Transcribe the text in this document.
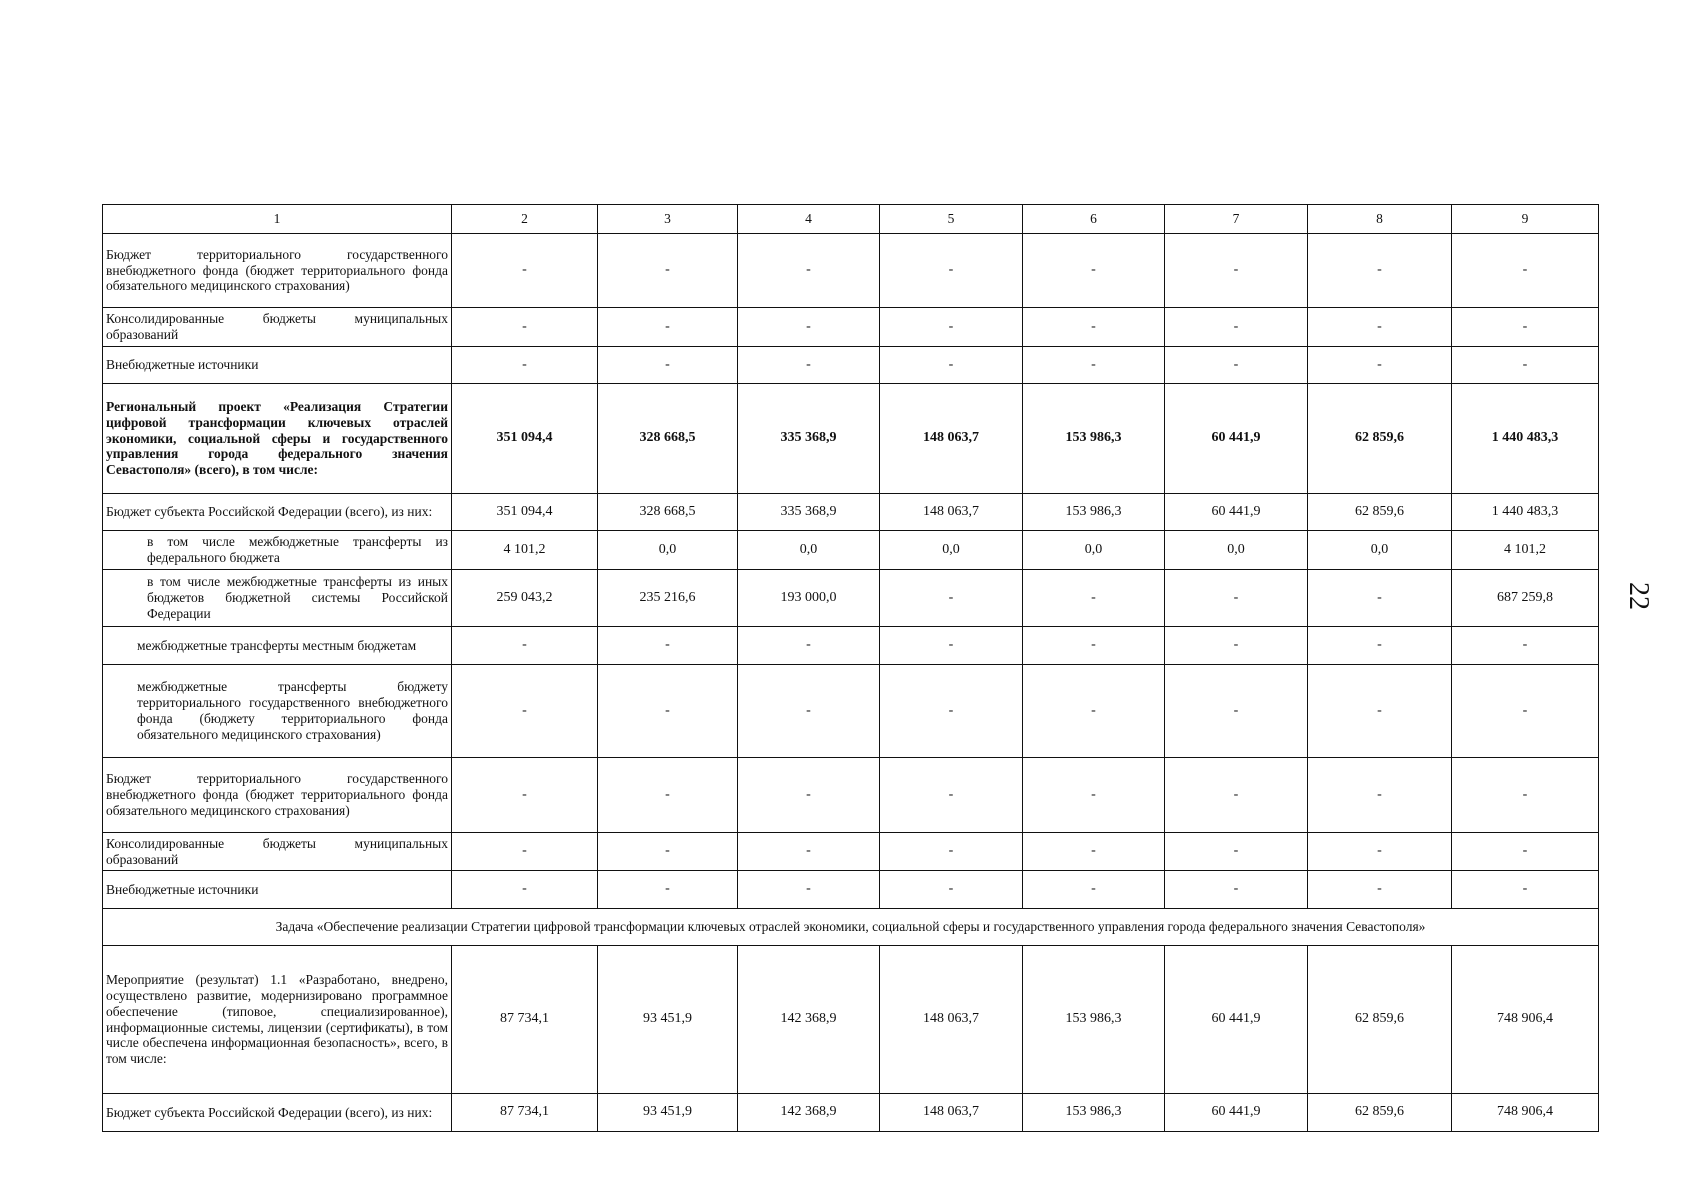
22
1	2	3	4	5	6	7	8	9
Бюджет территориального государственного внебюджетного фонда (бюджет территориального фонда обязательного медицинского страхования)	-	-	-	-	-	-	-	-
Консолидированные бюджеты муниципальных образований	-	-	-	-	-	-	-	-
Внебюджетные источники	-	-	-	-	-	-	-	-
Региональный проект «Реализация Стратегии цифровой трансформации ключевых отраслей экономики, социальной сферы и государственного управления города федерального значения Севастополя» (всего), в том числе:	351 094,4	328 668,5	335 368,9	148 063,7	153 986,3	60 441,9	62 859,6	1 440 483,3
Бюджет субъекта Российской Федерации (всего), из них:	351 094,4	328 668,5	335 368,9	148 063,7	153 986,3	60 441,9	62 859,6	1 440 483,3
в том числе межбюджетные трансферты из федерального бюджета	4 101,2	0,0	0,0	0,0	0,0	0,0	0,0	4 101,2
в том числе межбюджетные трансферты из иных бюджетов бюджетной системы Российской Федерации	259 043,2	235 216,6	193 000,0	-	-	-	-	687 259,8
межбюджетные трансферты местным бюджетам	-	-	-	-	-	-	-	-
межбюджетные трансферты бюджету территориального государственного внебюджетного фонда (бюджету территориального фонда обязательного медицинского страхования)	-	-	-	-	-	-	-	-
Бюджет территориального государственного внебюджетного фонда (бюджет территориального фонда обязательного медицинского страхования)	-	-	-	-	-	-	-	-
Консолидированные бюджеты муниципальных образований	-	-	-	-	-	-	-	-
Внебюджетные источники	-	-	-	-	-	-	-	-
Задача «Обеспечение реализации Стратегии цифровой трансформации ключевых отраслей экономики, социальной сферы и государственного управления города федерального значения Севастополя»								
Мероприятие (результат) 1.1 «Разработано, внедрено, осуществлено развитие, модернизировано программное обеспечение (типовое, специализированное), информационные системы, лицензии (сертификаты), в том числе обеспечена информационная безопасность», всего, в том числе:	87 734,1	93 451,9	142 368,9	148 063,7	153 986,3	60 441,9	62 859,6	748 906,4
Бюджет субъекта Российской Федерации (всего), из них:	87 734,1	93 451,9	142 368,9	148 063,7	153 986,3	60 441,9	62 859,6	748 906,4
